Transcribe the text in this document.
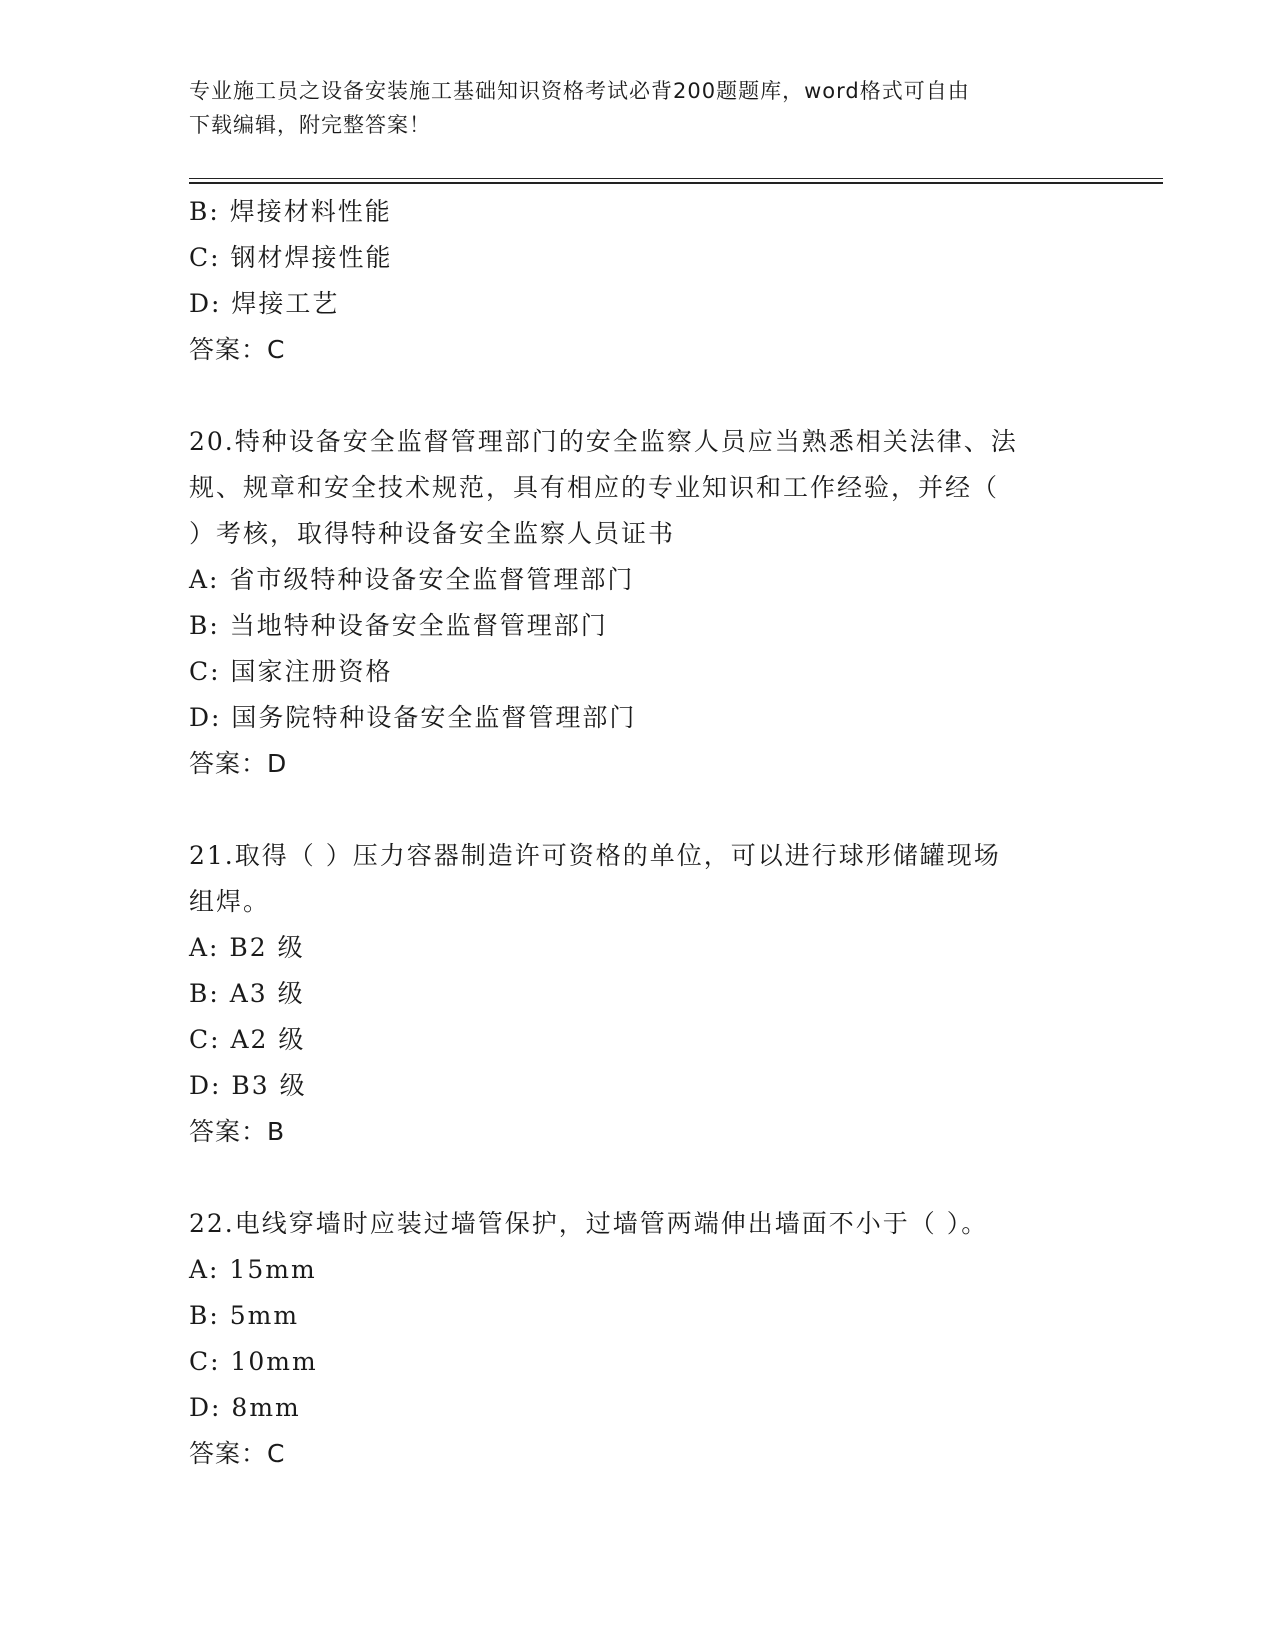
专业施工员之设备安装施工基础知识资格考试必背200题题库，word格式可自由
下载编辑，附完整答案！
B: 焊接材料性能
C: 钢材焊接性能
D: 焊接工艺
答案：C
20.特种设备安全监督管理部门的安全监察人员应当熟悉相关法律、法
规、规章和安全技术规范，具有相应的专业知识和工作经验，并经（
）考核，取得特种设备安全监察人员证书
A: 省市级特种设备安全监督管理部门
B: 当地特种设备安全监督管理部门
C: 国家注册资格
D: 国务院特种设备安全监督管理部门
答案：D
21.取得（ ）压力容器制造许可资格的单位，可以进行球形储罐现场
组焊。
A: B2 级
B: A3 级
C: A2 级
D: B3 级
答案：B
22.电线穿墙时应装过墙管保护，过墙管两端伸出墙面不小于（ ）。
A: 15mm
B: 5mm
C: 10mm
D: 8mm
答案：C
